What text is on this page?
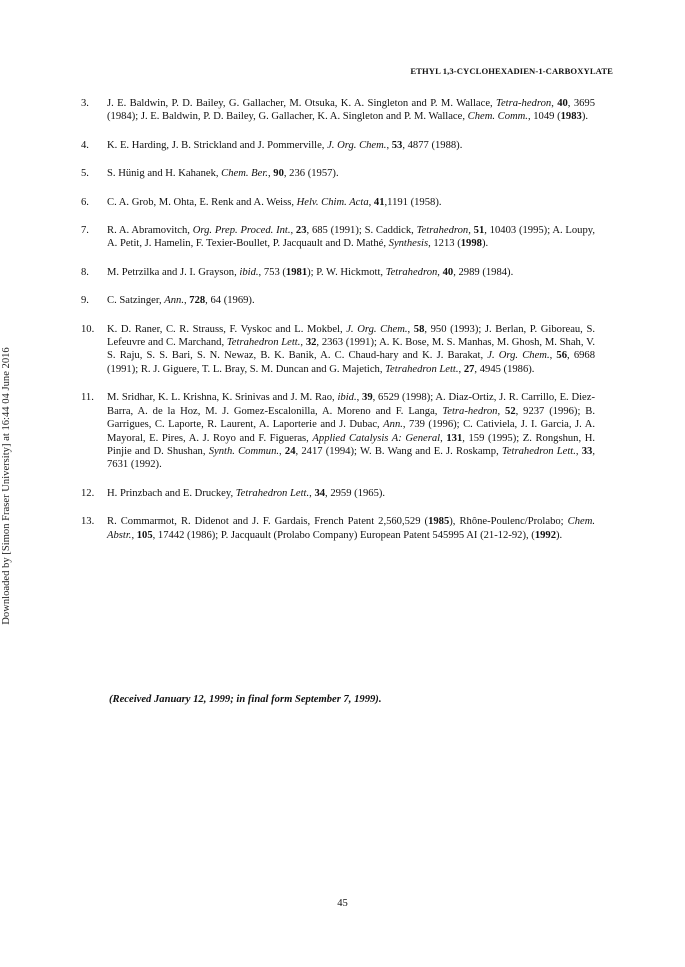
ETHYL 1,3-CYCLOHEXADIEN-1-CARBOXYLATE
Downloaded by [Simon Fraser University] at 16:44 04 June 2016
3.	J. E. Baldwin, P. D. Bailey, G. Gallacher, M. Otsuka, K. A. Singleton and P. M. Wallace, Tetra-hedron, 40, 3695 (1984); J. E. Baldwin, P. D. Bailey, G. Gallacher, K. A. Singleton and P. M. Wallace, Chem. Comm., 1049 (1983).
4.	K. E. Harding, J. B. Strickland and J. Pommerville, J. Org. Chem., 53, 4877 (1988).
5.	S. Hünig and H. Kahanek, Chem. Ber., 90, 236 (1957).
6.	C. A. Grob, M. Ohta, E. Renk and A. Weiss, Helv. Chim. Acta, 41,1191 (1958).
7.	R. A. Abramovitch, Org. Prep. Proced. Int., 23, 685 (1991); S. Caddick, Tetrahedron, 51, 10403 (1995); A. Loupy, A. Petit, J. Hamelin, F. Texier-Boullet, P. Jacquault and D. Mathé, Synthesis, 1213 (1998).
8.	M. Petrzilka and J. I. Grayson, ibid., 753 (1981); P. W. Hickmott, Tetrahedron, 40, 2989 (1984).
9.	C. Satzinger, Ann., 728, 64 (1969).
10.	K. D. Raner, C. R. Strauss, F. Vyskoc and L. Mokbel, J. Org. Chem., 58, 950 (1993); J. Berlan, P. Giboreau, S. Lefeuvre and C. Marchand, Tetrahedron Lett., 32, 2363 (1991); A. K. Bose, M. S. Manhas, M. Ghosh, M. Shah, V. S. Raju, S. S. Bari, S. N. Newaz, B. K. Banik, A. C. Chaud-hary and K. J. Barakat, J. Org. Chem., 56, 6968 (1991); R. J. Giguere, T. L. Bray, S. M. Duncan and G. Majetich, Tetrahedron Lett., 27, 4945 (1986).
11.	M. Sridhar, K. L. Krishna, K. Srinivas and J. M. Rao, ibid., 39, 6529 (1998); A. Diaz-Ortiz, J. R. Carrillo, E. Diez-Barra, A. de la Hoz, M. J. Gomez-Escalonilla, A. Moreno and F. Langa, Tetra-hedron, 52, 9237 (1996); B. Garrigues, C. Laporte, R. Laurent, A. Laporterie and J. Dubac, Ann., 739 (1996); C. Cativiela, J. I. Garcia, J. A. Mayoral, E. Pires, A. J. Royo and F. Figueras, Applied Catalysis A: General, 131, 159 (1995); Z. Rongshun, H. Pinjie and D. Shushan, Synth. Commun., 24, 2417 (1994); W. B. Wang and E. J. Roskamp, Tetrahedron Lett., 33, 7631 (1992).
12.	H. Prinzbach and E. Druckey, Tetrahedron Lett., 34, 2959 (1965).
13.	R. Commarmot, R. Didenot and J. F. Gardais, French Patent 2,560,529 (1985), Rhône-Poulenc/Prolabo; Chem. Abstr., 105, 17442 (1986); P. Jacquault (Prolabo Company) European Patent 545995 AI (21-12-92), (1992).
(Received January 12, 1999; in final form September 7, 1999).
45
